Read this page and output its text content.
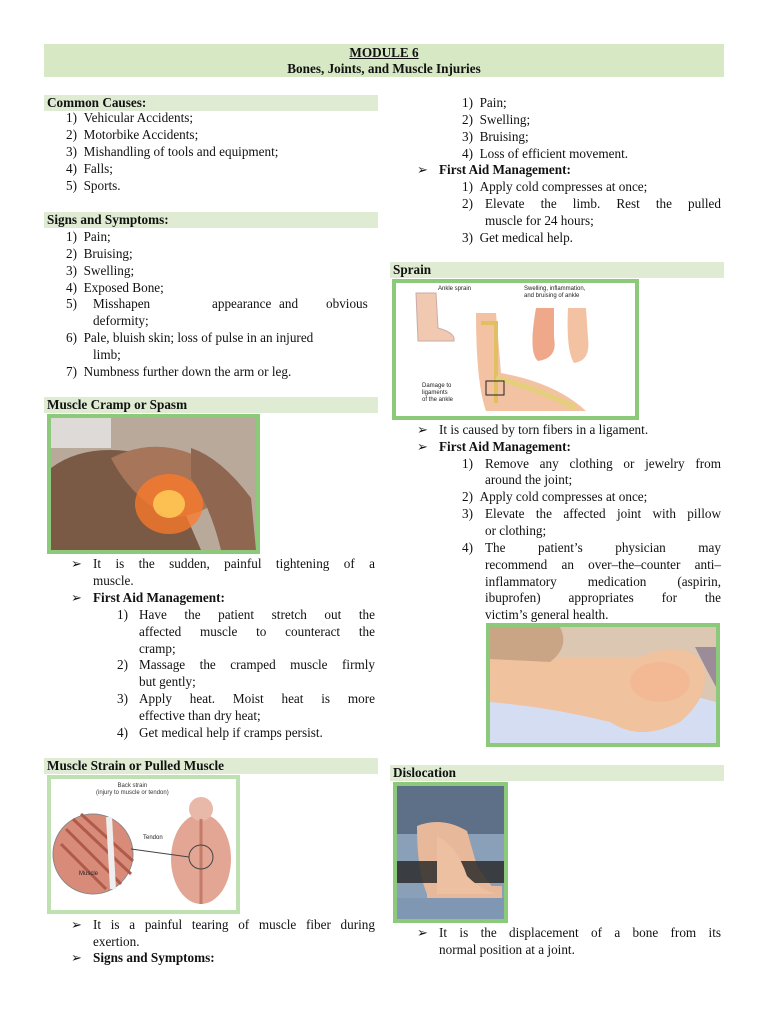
MODULE 6
Bones, Joints, and Muscle Injuries
Common Causes:
1) Vehicular Accidents;
2) Motorbike Accidents;
3) Mishandling of tools and equipment;
4) Falls;
5) Sports.
Signs and Symptoms:
1) Pain;
2) Bruising;
3) Swelling;
4) Exposed Bone;
5) Misshapen	appearance and obvious
deformity;
6) Pale, bluish skin; loss of pulse in an injured
limb;
7) Numbness further down the arm or leg.
Muscle Cramp or Spasm
➢ It is the sudden, painful tightening of a
muscle.
➢ First Aid Management:
1) Have the patient stretch out the
affected muscle to counteract the
cramp;
2) Massage the cramped muscle firmly
but gently;
3) Apply heat. Moist heat is more
effective than dry heat;
4) Get medical help if cramps persist.
Muscle Strain or Pulled Muscle
Back strain
(injury to muscle or tendon)
Tendon
Muscle
➢ It is a painful tearing of muscle fiber during
exertion.
➢ Signs and Symptoms:
1) Pain;
2) Swelling;
3) Bruising;
4) Loss of efficient movement.
➢ First Aid Management:
1) Apply cold compresses at once;
2) Elevate the limb. Rest the pulled
muscle for 24 hours;
3) Get medical help.
Sprain
Ankle sprain	Swelling, inflammation,
and bruising of ankle
Damage to
ligaments
of the ankle
➢ It is caused by torn fibers in a ligament.
➢ First Aid Management:
1) Remove any clothing or jewelry from
around the joint;
2) Apply cold compresses at once;
3) Elevate the affected joint with pillow
or clothing;
4) The patient’s physician may
recommend an over–the–counter anti–
inflammatory medication (aspirin,
ibuprofen) appropriates for the
victim’s general health.
Dislocation
➢ It is the displacement of a bone from its
normal position at a joint.
